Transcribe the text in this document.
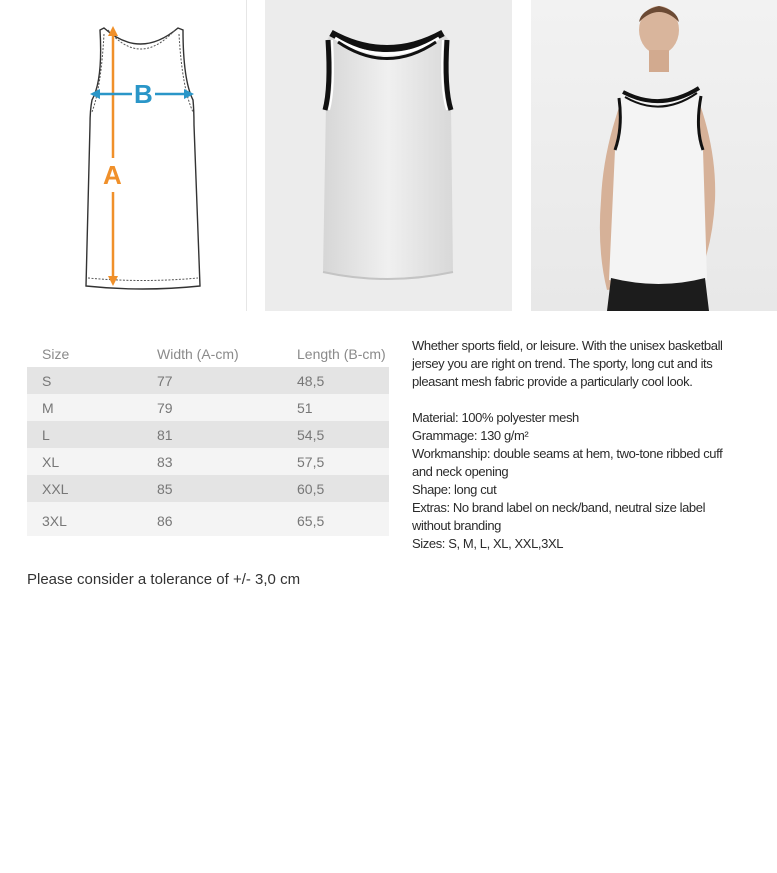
B
A
Size	Width (A-cm)	Length (B-cm)
S	77	48,5
M	79	51
L	81	54,5
XL	83	57,5
XXL	85	60,5
3XL	86	65,5

Whether sports field, or leisure. With the unisex basketball jersey you are right on trend. The sporty, long cut and its pleasant mesh fabric provide a particularly cool look.

Material: 100% polyester mesh

Grammage: 130 g/m²

Workmanship: double seams at hem, two-tone ribbed cuff and neck opening

Shape: long cut

Extras: No brand label on neck/band, neutral size label without branding

Sizes: S, M, L, XL, XXL,3XL

Please consider a tolerance of +/- 3,0 cm
